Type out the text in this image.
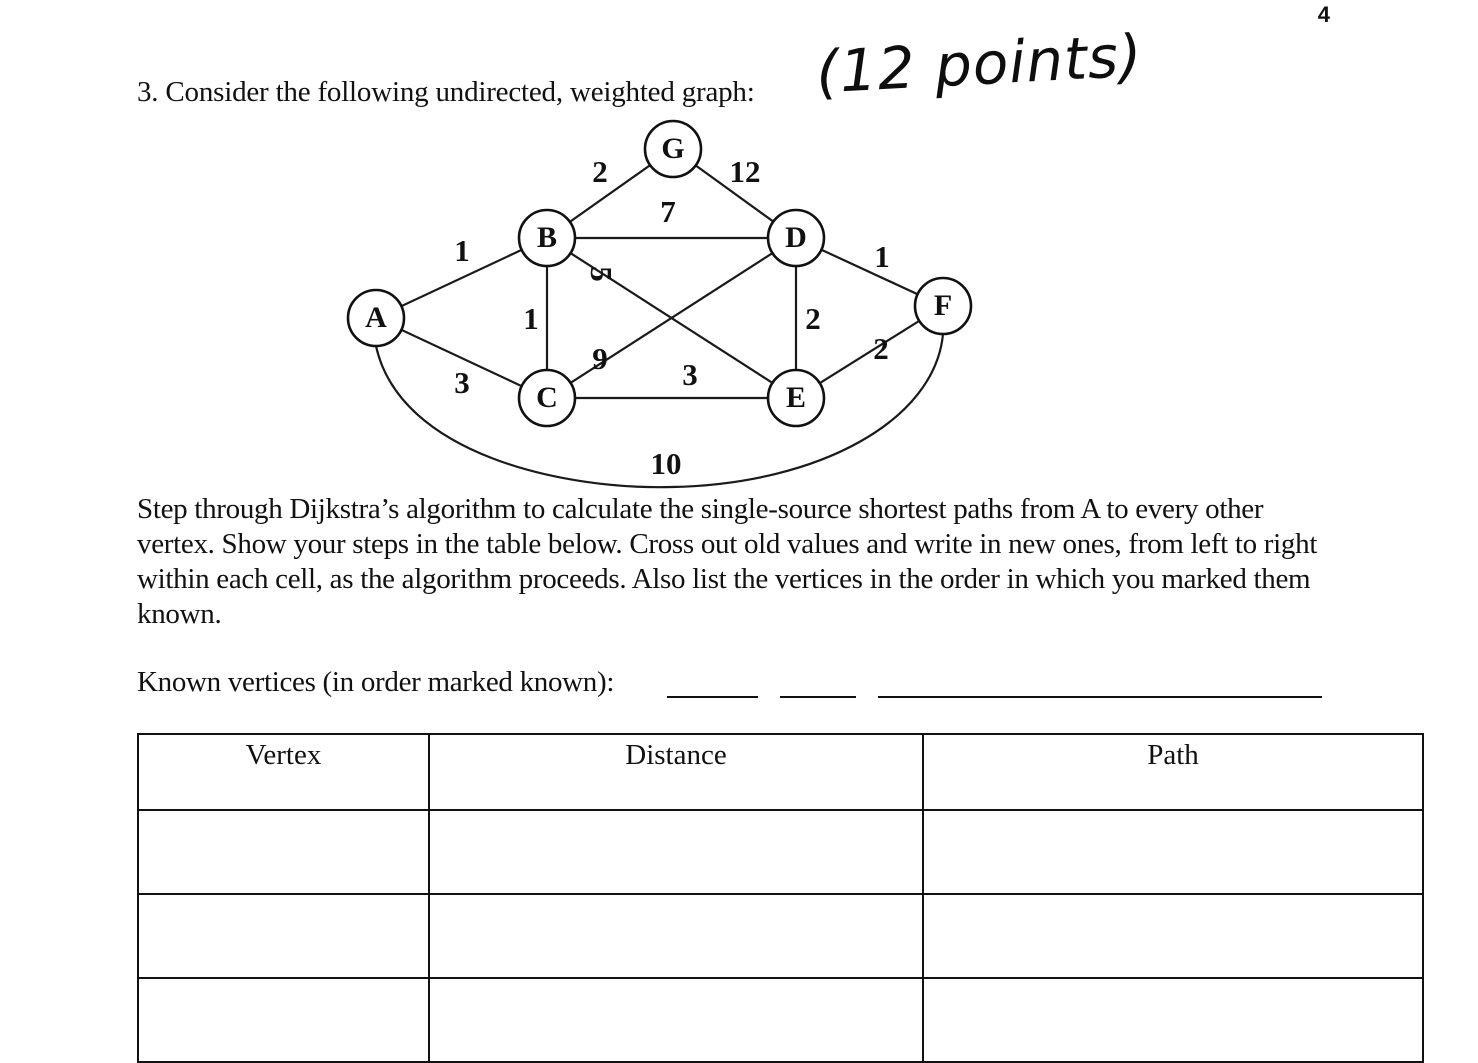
4
3. Consider the following undirected, weighted graph: (12 points)
1
3
10
2
7
5
1
12
9 3
2
1
2
A
B
C
D
E
F
G
Step through Dijkstra’s algorithm to calculate the single-source shortest paths from A to every other vertex. Show your steps in the table below. Cross out old values and write in new ones, from left to right within each cell, as the algorithm proceeds. Also list the vertices in the order in which you marked them known.
Known vertices (in order marked known):
Vertex	Distance	Path
